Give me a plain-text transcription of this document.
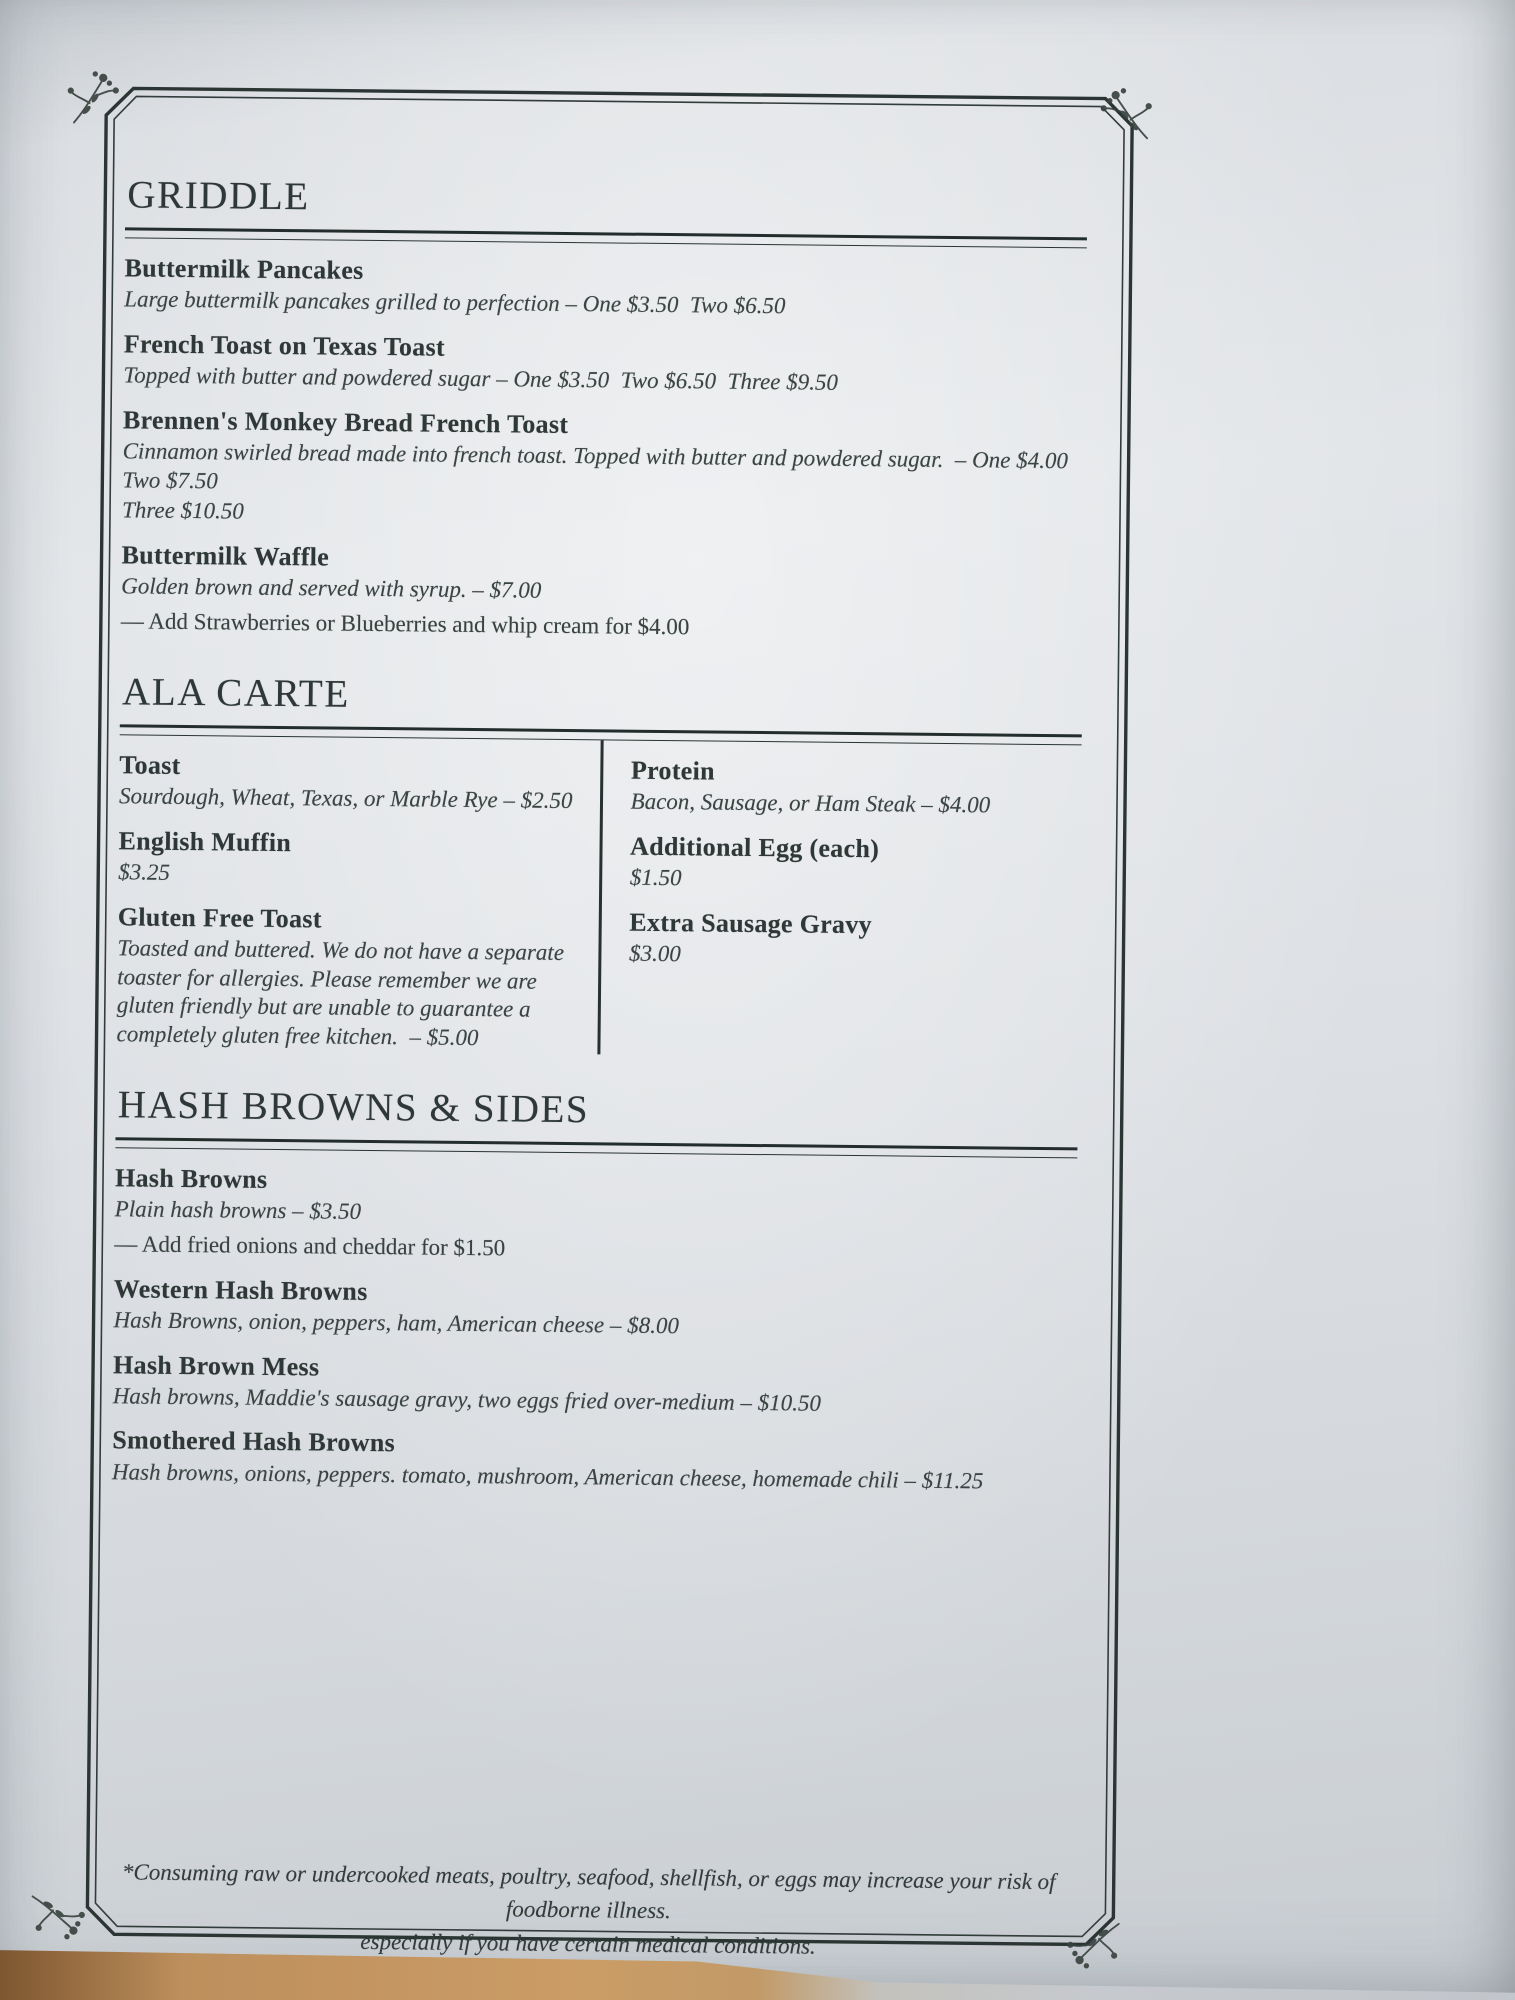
GRIDDLE
Buttermilk Pancakes
Large buttermilk pancakes grilled to perfection – One $3.50  Two $6.50
French Toast on Texas Toast
Topped with butter and powdered sugar – One $3.50  Two $6.50  Three $9.50
Brennen's Monkey Bread French Toast
Cinnamon swirled bread made into french toast. Topped with butter and powdered sugar.  – One $4.00  Two $7.50
Three $10.50
Buttermilk Waffle
Golden brown and served with syrup. – $7.00
— Add Strawberries or Blueberries and whip cream for $4.00
ALA CARTE
Toast
Sourdough, Wheat, Texas, or Marble Rye – $2.50
English Muffin
$3.25
Gluten Free Toast
Toasted and buttered. We do not have a separate toaster for allergies. Please remember we are gluten friendly but are unable to guarantee a completely gluten free kitchen.  – $5.00
Protein
Bacon, Sausage, or Ham Steak – $4.00
Additional Egg (each)
$1.50
Extra Sausage Gravy
$3.00
HASH BROWNS & SIDES
Hash Browns
Plain hash browns – $3.50
— Add fried onions and cheddar for $1.50
Western Hash Browns
Hash Browns, onion, peppers, ham, American cheese – $8.00
Hash Brown Mess
Hash browns, Maddie's sausage gravy, two eggs fried over-medium – $10.50
Smothered Hash Browns
Hash browns, onions, peppers. tomato, mushroom, American cheese, homemade chili – $11.25
*Consuming raw or undercooked meats, poultry, seafood, shellfish, or eggs may increase your risk of foodborne illness.
especially if you have certain medical conditions.
